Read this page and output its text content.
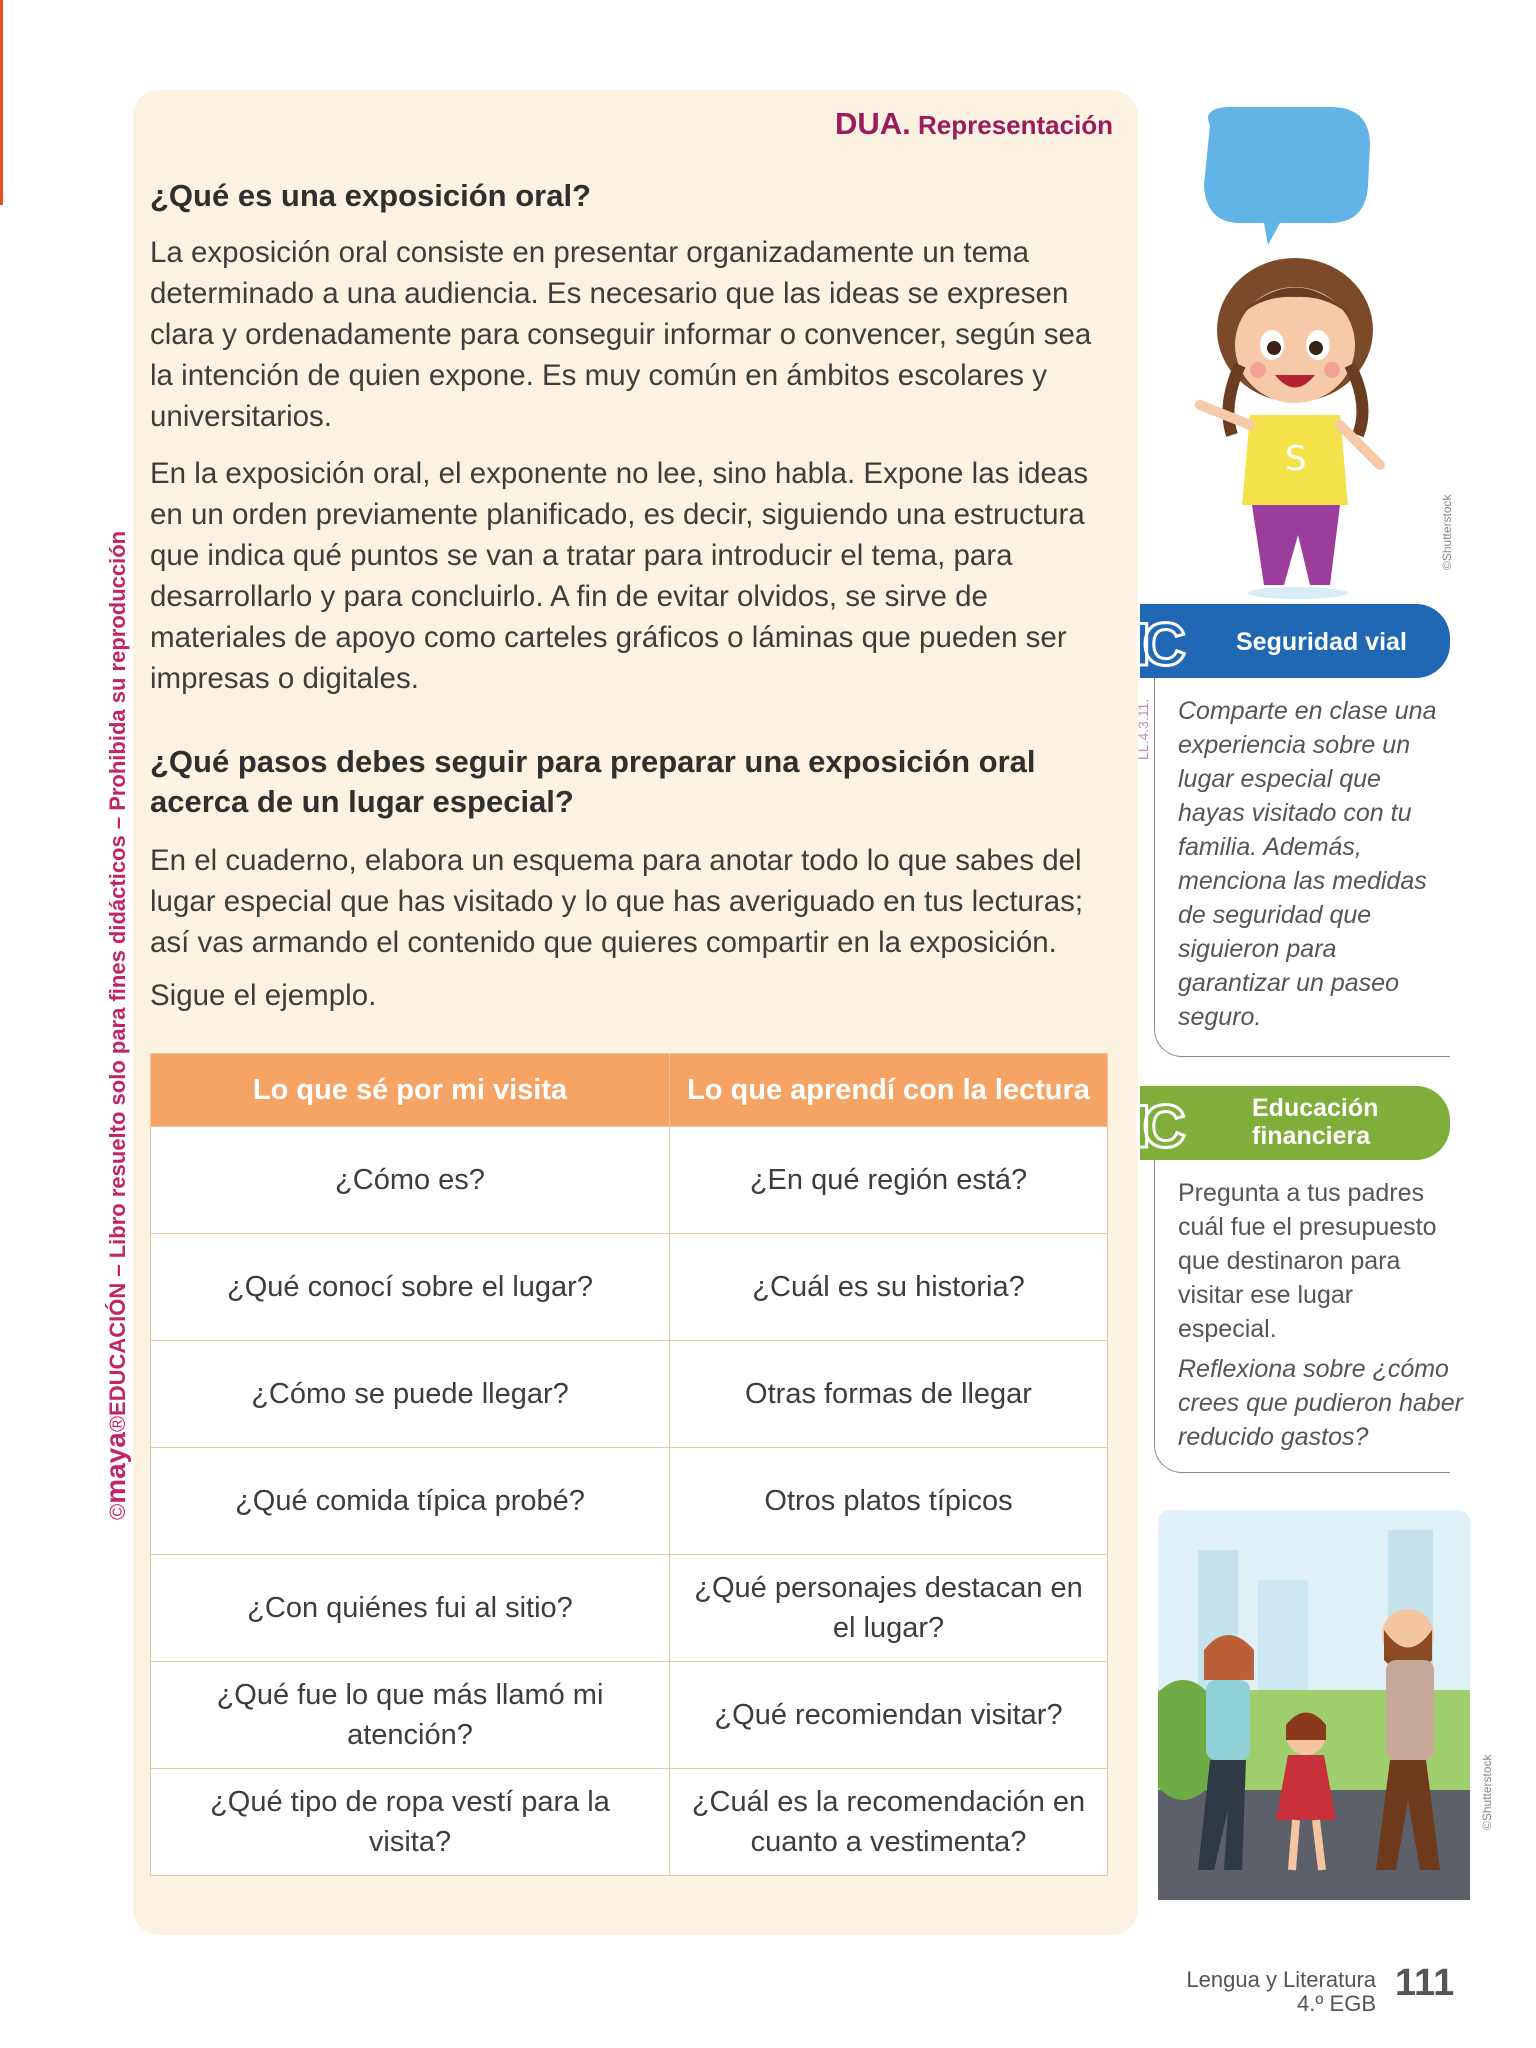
©maya®EDUCACIÓN – Libro resuelto solo para fines didácticos – Prohibida su reproducción
DUA. Representación
¿Qué es una exposición oral?

La exposición oral consiste en presentar organizadamente un tema determinado a una audiencia. Es necesario que las ideas se expresen clara y ordenadamente para conseguir informar o convencer, según sea la intención de quien expone. Es muy común en ámbitos escolares y universitarios.

En la exposición oral, el exponente no lee, sino habla. Expone las ideas en un orden previamente planificado, es decir, siguiendo una estructura que indica qué puntos se van a tratar para introducir el tema, para desarrollarlo y para concluirlo. A fin de evitar olvidos, se sirve de materiales de apoyo como carteles gráficos o láminas que pueden ser impresas o digitales.

¿Qué pasos debes seguir para preparar una exposición oral
acerca de un lugar especial?

En el cuaderno, elabora un esquema para anotar todo lo que sabes del lugar especial que has visitado y lo que has averiguado en tus lecturas; así vas armando el contenido que quieres compartir en la exposición.

Sigue el ejemplo.

Lo que sé por mi visita	Lo que aprendí con la lectura
¿Cómo es?	¿En qué región está?
¿Qué conocí sobre el lugar?	¿Cuál es su historia?
¿Cómo se puede llegar?	Otras formas de llegar
¿Qué comida típica probé?	Otros platos típicos
¿Con quiénes fui al sitio?	¿Qué personajes destacan en el lugar?
¿Qué fue lo que más llamó mi atención?	¿Qué recomiendan visitar?
¿Qué tipo de ropa vestí para la visita?	¿Cuál es la recomendación en cuanto a vestimenta?
S
©Shutterstock
IC Seguridad vial
Comparte en clase una experiencia sobre un lugar especial que hayas visitado con tu familia. Además, menciona las medidas de seguridad que siguieron para garantizar un paseo seguro.
LL.4.3.11.
IC	Educación
financiera
Pregunta a tus padres cuál fue el presupuesto que destinaron para visitar ese lugar especial.
Reflexiona sobre ¿cómo crees que pudieron haber reducido gastos?
©Shutterstock
Lengua y Literatura
4.º EGB 111
